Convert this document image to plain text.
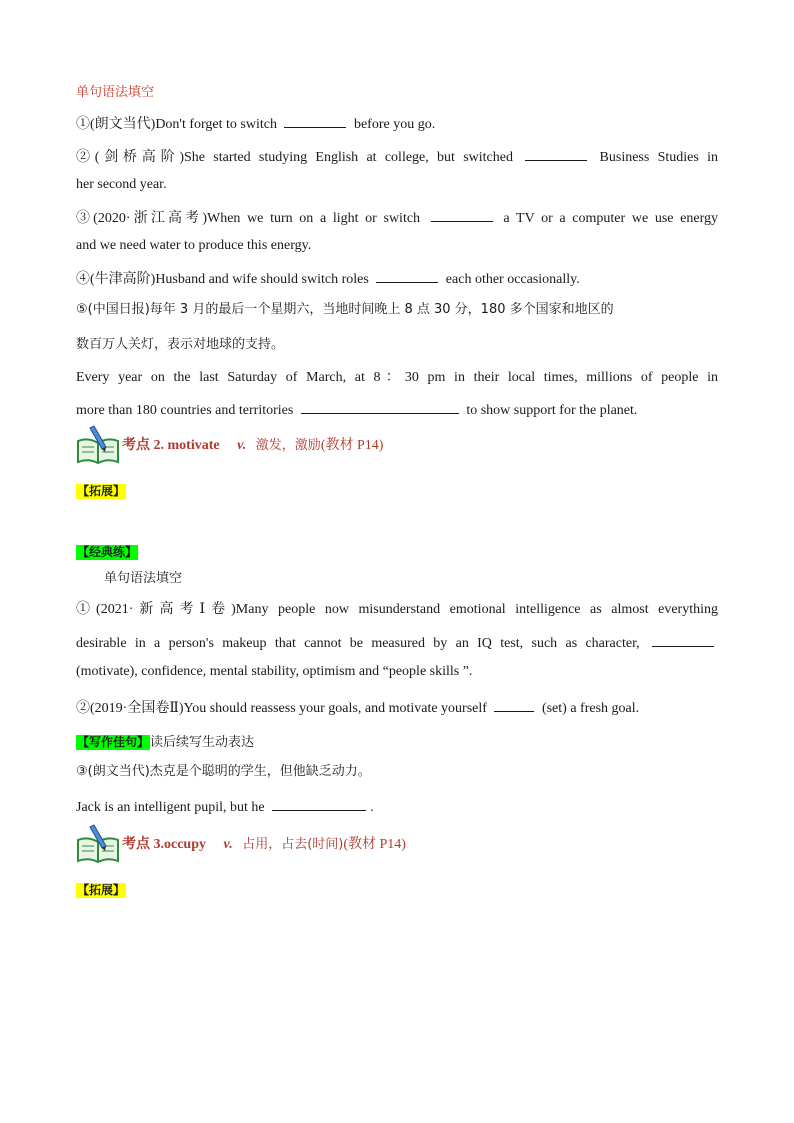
单句语法填空
①(朗文当代)Don't forget to switch	before you go.
②(剑桥高阶)She started studying English at college, but switched	Business Studies in
her second year.
③(2020·浙江高考)When we turn on a light or switch	a TV or a computer we use energy
and we need water to produce this energy.
④(牛津高阶)Husband and wife should switch roles	each other occasionally.
⑤(中国日报)每年 3 月的最后一个星期六，当地时间晚上 8 点 30 分，180 多个国家和地区的
数百万人关灯，表示对地球的支持。
Every year on the last Saturday of March, at 8：30 pm in their local times, millions of people in
more than 180 countries and territories	to show support for the planet.
考点 2. motivate v. 激发，激励(教材 P14)
【拓展】
【经典练】
单句语法填空
①(2021·新高考Ⅰ卷)Many people now misunderstand emotional intelligence as almost everything
desirable in a person's makeup that cannot be measured by an IQ test, such as character,
(motivate), confidence, mental stability, optimism and “people skills ”.
②(2019·全国卷Ⅱ)You should reassess your goals, and motivate yourself	(set) a fresh goal.
【写作佳句】读后续写生动表达
③(朗文当代)杰克是个聪明的学生，但他缺乏动力。
Jack is an intelligent pupil, but he	.
考点 3.occupy v. 占用，占去(时间)(教材 P14)
【拓展】
